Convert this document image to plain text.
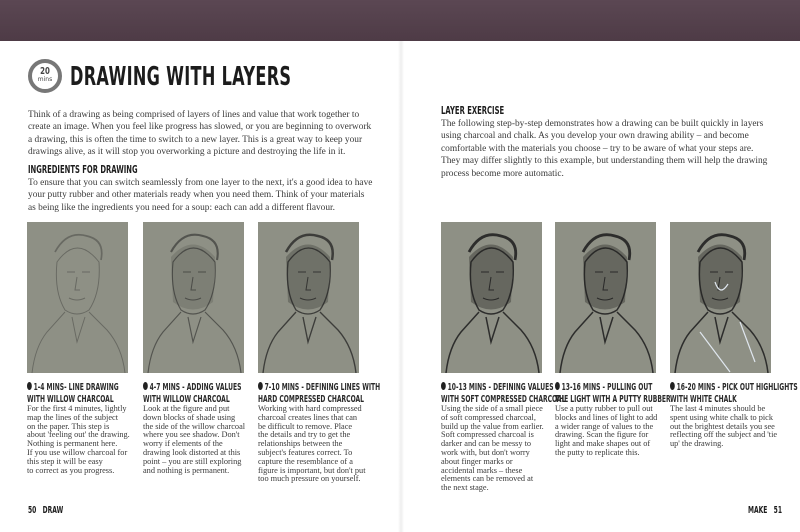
20
mins DRAWING WITH LAYERS
Think of a drawing as being comprised of layers of lines and value that work together to
create an image. When you feel like progress has slowed, or you are beginning to overwork
a drawing, this is often the time to switch to a new layer. This is a great way to keep your
drawings alive, as it will stop you overworking a picture and destroying the life in it.
INGREDIENTS FOR DRAWING
To ensure that you can switch seamlessly from one layer to the next, it's a good idea to have
your putty rubber and other materials ready when you need them. Think of your materials
as being like the ingredients you need for a soup: each can add a different flavour.
LAYER EXERCISE
The following step-by-step demonstrates how a drawing can be built quickly in layers
using charcoal and chalk. As you develop your own drawing ability – and become
comfortable with the materials you choose – try to be aware of what your steps are.
They may differ slightly to this example, but understanding them will help the drawing
process become more automatic.
1-4 MINS- LINE DRAWING
WITH WILLOW CHARCOAL
For the first 4 minutes, lightly
map the lines of the subject
on the paper. This step is
about 'feeling out' the drawing.
Nothing is permanent here.
If you use willow charcoal for
this step it will be easy
to correct as you progress.
4-7 MINS - ADDING VALUES
WITH WILLOW CHARCOAL
Look at the figure and put
down blocks of shade using
the side of the willow charcoal
where you see shadow. Don't
worry if elements of the
drawing look distorted at this
point – you are still exploring
and nothing is permanent.
7-10 MINS - DEFINING LINES WITH
HARD COMPRESSED CHARCOAL
Working with hard compressed
charcoal creates lines that can
be difficult to remove. Place
the details and try to get the
relationships between the
subject's features correct. To
capture the resemblance of a
figure is important, but don't put
too much pressure on yourself.
10-13 MINS - DEFINING VALUES
WITH SOFT COMPRESSED CHARCOAL
Using the side of a small piece
of soft compressed charcoal,
build up the value from earlier.
Soft compressed charcoal is
darker and can be messy to
work with, but don't worry
about finger marks or
accidental marks – these
elements can be removed at
the next stage.
13-16 MINS - PULLING OUT
THE LIGHT WITH A PUTTY RUBBER
Use a putty rubber to pull out
blocks and lines of light to add
a wider range of values to the
drawing. Scan the figure for
light and make shapes out of
the putty to replicate this.
16-20 MINS - PICK OUT HIGHLIGHTS
WITH WHITE CHALK
The last 4 minutes should be
spent using white chalk to pick
out the brightest details you see
reflecting off the subject and 'tie
up' the drawing.
50 DRAW	MAKE 51
